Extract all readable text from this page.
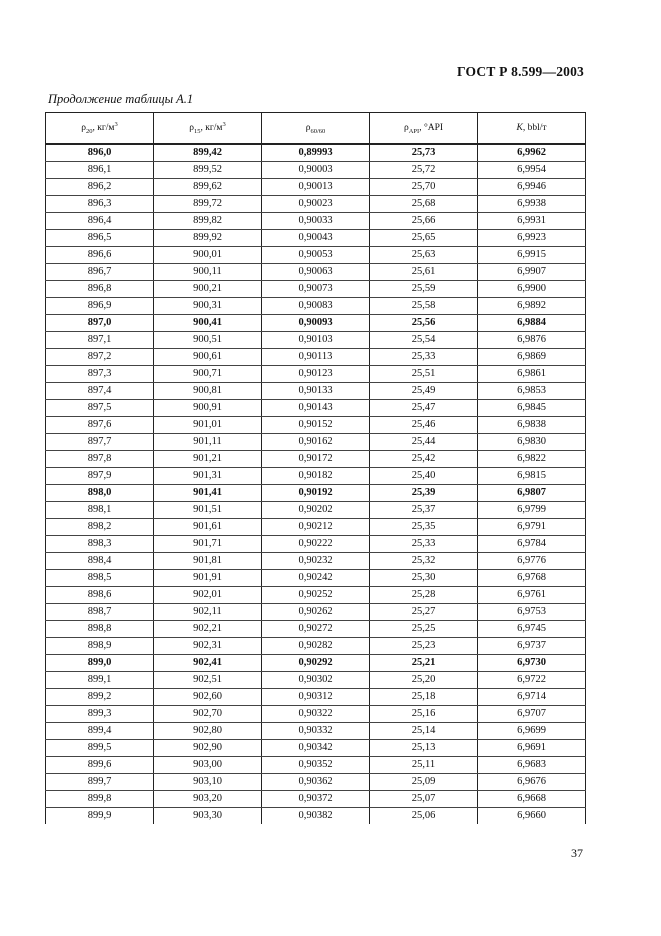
ГОСТ Р 8.599—2003
Продолжение таблицы А.1
$\rho_{20}$, $кг/м^3$	$\rho_{15}$, $кг/м^3$	$\rho_{60/60}$	$\rho_{API}$, °API	K, bbl/т
896,0	899,42	0,89993	25,73	6,9962
896,1	899,52	0,90003	25,72	6,9954
896,2	899,62	0,90013	25,70	6,9946
896,3	899,72	0,90023	25,68	6,9938
896,4	899,82	0,90033	25,66	6,9931
896,5	899,92	0,90043	25,65	6,9923
896,6	900,01	0,90053	25,63	6,9915
896,7	900,11	0,90063	25,61	6,9907
896,8	900,21	0,90073	25,59	6,9900
896,9	900,31	0,90083	25,58	6,9892
897,0	900,41	0,90093	25,56	6,9884
897,1	900,51	0,90103	25,54	6,9876
897,2	900,61	0,90113	25,33	6,9869
897,3	900,71	0,90123	25,51	6,9861
897,4	900,81	0,90133	25,49	6,9853
897,5	900,91	0,90143	25,47	6,9845
897,6	901,01	0,90152	25,46	6,9838
897,7	901,11	0,90162	25,44	6,9830
897,8	901,21	0,90172	25,42	6,9822
897,9	901,31	0,90182	25,40	6,9815
898,0	901,41	0,90192	25,39	6,9807
898,1	901,51	0,90202	25,37	6,9799
898,2	901,61	0,90212	25,35	6,9791
898,3	901,71	0,90222	25,33	6,9784
898,4	901,81	0,90232	25,32	6,9776
898,5	901,91	0,90242	25,30	6,9768
898,6	902,01	0,90252	25,28	6,9761
898,7	902,11	0,90262	25,27	6,9753
898,8	902,21	0,90272	25,25	6,9745
898,9	902,31	0,90282	25,23	6,9737
899,0	902,41	0,90292	25,21	6,9730
899,1	902,51	0,90302	25,20	6,9722
899,2	902,60	0,90312	25,18	6,9714
899,3	902,70	0,90322	25,16	6,9707
899,4	902,80	0,90332	25,14	6,9699
899,5	902,90	0,90342	25,13	6,9691
899,6	903,00	0,90352	25,11	6,9683
899,7	903,10	0,90362	25,09	6,9676
899,8	903,20	0,90372	25,07	6,9668
899,9	903,30	0,90382	25,06	6,9660
37
